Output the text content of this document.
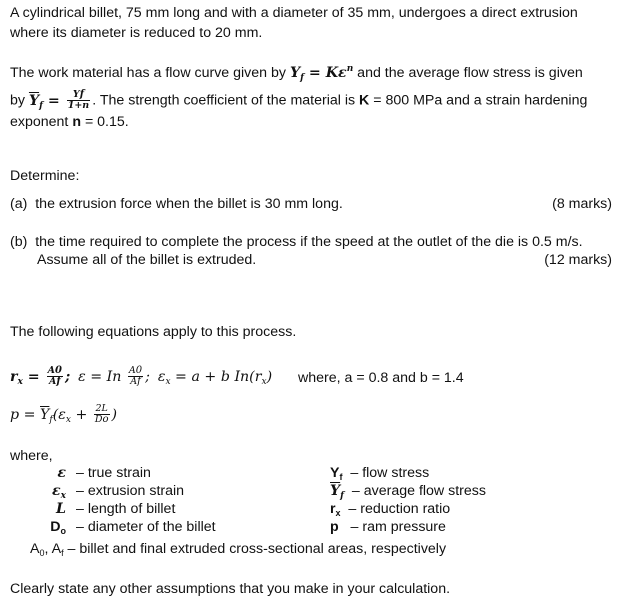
A cylindrical billet, 75 mm long and with a diameter of 35 mm, undergoes a direct extrusion
where its diameter is reduced to 20 mm.
The work material has a flow curve given by $Y_f = K\varepsilon^n$ and the average flow stress is given
by $\overline{Y}_f = \frac{Yf}{1+n}$ . The strength coefficient of the material is K = 800 MPa and a strain hardening
exponent n = 0.15.
Determine:
(a) the extrusion force when the billet is 30 mm long.	(8 marks)
(b) the time required to complete the process if the speed at the outlet of the die is 0.5 m/s.
Assume all of the billet is extruded.	(12 marks)
The following equations apply to this process.
$r_x = \frac{A0}{Af}$ ; ε = In $\frac{A0}{Af}$ ; $\varepsilon_x = a + b$ $In(r_x)$ where, a = 0.8 and b = 1.4
$p = \overline{Y}_f(\varepsilon_x + \frac{2L}{Do}$ )
where,
ε – true strain
$\varepsilon_x$ – extrusion strain
L – length of billet
$D_o$ – diameter of the billet
$Y_f$  – flow stress
$\overline{Y}_f$  – average flow stress
$r_x$  – reduction ratio
p   – ram pressure
$A_0$, $A_f$ – billet and final extruded cross-sectional areas, respectively
Clearly state any other assumptions that you make in your calculation.
